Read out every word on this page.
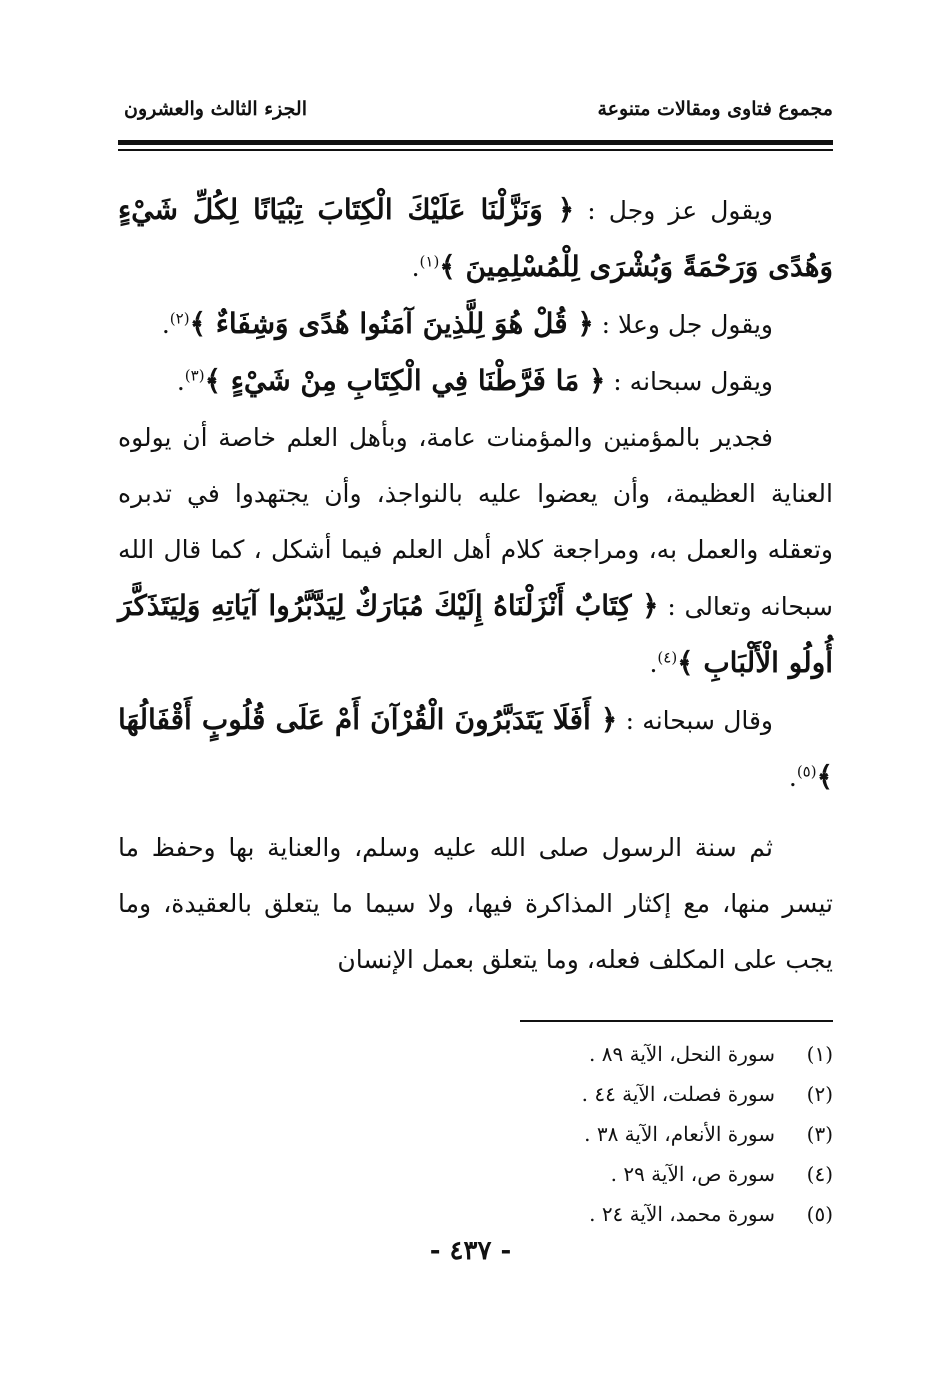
مجموع فتاوى ومقالات متنوعة
الجزء الثالث والعشرون

ويقول عز وجل : ﴿ وَنَزَّلْنَا عَلَيْكَ الْكِتَابَ تِبْيَانًا لِكُلِّ شَيْءٍ وَهُدًى وَرَحْمَةً وَبُشْرَى لِلْمُسْلِمِينَ ﴾$^{(١)}$.

ويقول جل وعلا : ﴿ قُلْ هُوَ لِلَّذِينَ آمَنُوا هُدًى وَشِفَاءٌ ﴾$^{(٢)}$.

ويقول سبحانه : ﴿ مَا فَرَّطْنَا فِي الْكِتَابِ مِنْ شَيْءٍ ﴾$^{(٣)}$.

فجدير بالمؤمنين والمؤمنات عامة، وبأهل العلم خاصة أن يولوه العناية العظيمة، وأن يعضوا عليه بالنواجذ، وأن يجتهدوا في تدبره وتعقله والعمل به، ومراجعة كلام أهل العلم فيما أشكل ، كما قال الله سبحانه وتعالى : ﴿ كِتَابٌ أَنْزَلْنَاهُ إِلَيْكَ مُبَارَكٌ لِيَدَّبَّرُوا آيَاتِهِ وَلِيَتَذَكَّرَ أُولُو الْأَلْبَابِ ﴾$^{(٤)}$.

وقال سبحانه : ﴿ أَفَلَا يَتَدَبَّرُونَ الْقُرْآنَ أَمْ عَلَى قُلُوبٍ أَقْفَالُهَا ﴾$^{(٥)}$.

ثم سنة الرسول صلى الله عليه وسلم، والعناية بها وحفظ ما تيسر منها، مع إكثار المذاكرة فيها، ولا سيما ما يتعلق بالعقيدة، وما يجب على المكلف فعله، وما يتعلق بعمل الإنسان

(١)سورة النحل، الآية ٨٩ .
(٢)سورة فصلت، الآية ٤٤ .
(٣)سورة الأنعام، الآية ٣٨ .
(٤)سورة ص، الآية ٢٩ .
(٥)سورة محمد، الآية ٢٤ .
- ٤٣٧ -
